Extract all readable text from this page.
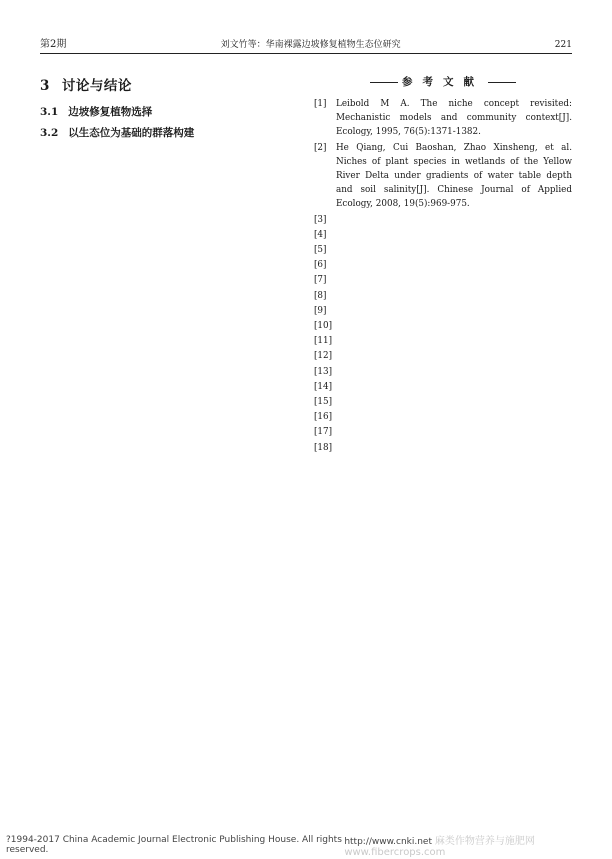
第2期	刘文竹等：华南裸露边坡修复植物生态位研究	221
3 讨论与结论
3.1 边坡修复植物选择
3.2 以生态位为基础的群落构建
参考文献
[1]	Leibold M A. The niche concept revisited: Mechanistic models and community context[J]. Ecology, 1995, 76(5):1371-1382.
[2]	He Qiang, Cui Baoshan, Zhao Xinsheng, et al. Niches of plant species in wetlands of the Yellow River Delta under gradients of water table depth and soil salinity[J]. Chinese Journal of Applied Ecology, 2008, 19(5):969-975.
[3]
[4]
[5]
[6]
[7]
[8]
[9]
[10]
[11]
[12]
[13]
[14]
[15]
[16]
[17]
[18]
?1994-2017 China Academic Journal Electronic Publishing House. All rights reserved.
http://www.cnki.net 麻类作物营养与施肥网 www.fibercrops.com
